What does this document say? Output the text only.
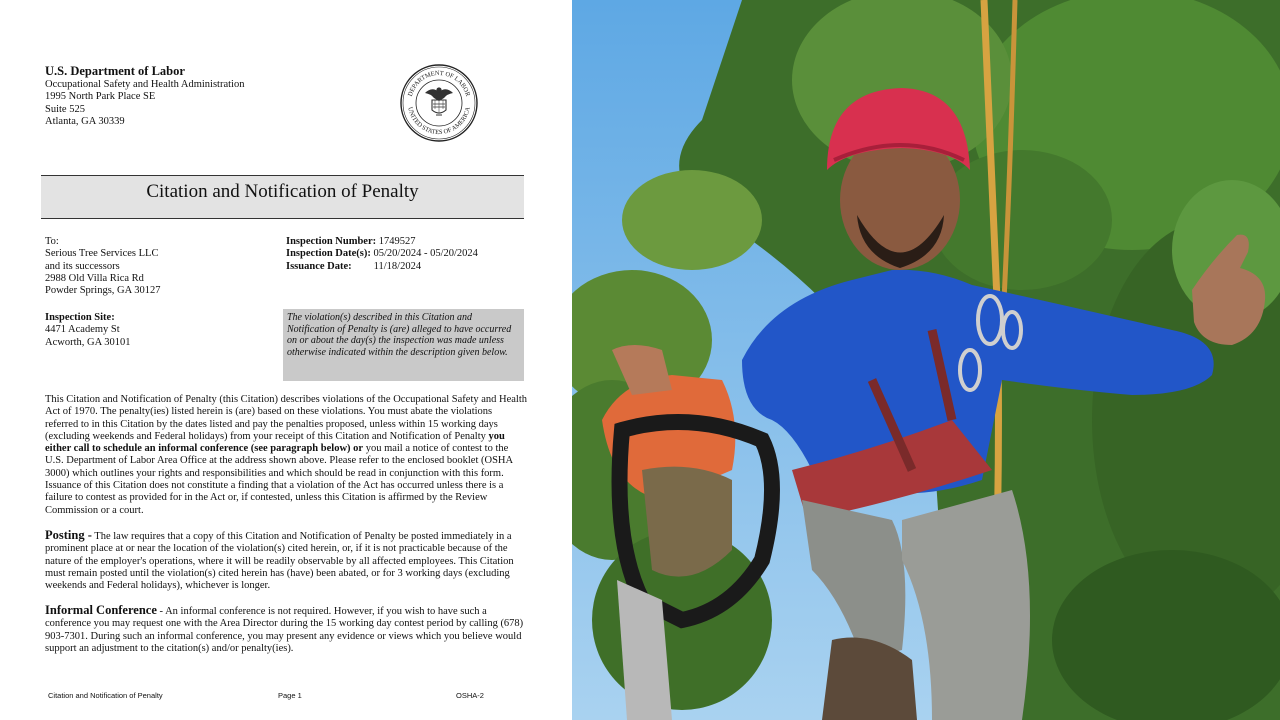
U.S. Department of Labor
Occupational Safety and Health Administration
1995 North Park Place SE
Suite 525
Atlanta, GA 30339
DEPARTMENT OF LABOR
UNITED STATES OF AMERICA
Citation and Notification of Penalty
To:
Serious Tree Services LLC
and its successors
2988 Old Villa Rica Rd
Powder Springs, GA 30127
Inspection Number: 1749527
Inspection Date(s): 05/20/2024 - 05/20/2024
Issuance Date: 11/18/2024
Inspection Site:
4471 Academy St
Acworth, GA 30101
The violation(s) described in this Citation and Notification of Penalty is (are) alleged to have occurred on or about the day(s) the inspection was made unless otherwise indicated within the description given below.
This Citation and Notification of Penalty (this Citation) describes violations of the Occupational Safety and Health Act of 1970. The penalty(ies) listed herein is (are) based on these violations. You must abate the violations referred to in this Citation by the dates listed and pay the penalties proposed, unless within 15 working days (excluding weekends and Federal holidays) from your receipt of this Citation and Notification of Penalty you either call to schedule an informal conference (see paragraph below) or you mail a notice of contest to the U.S. Department of Labor Area Office at the address shown above. Please refer to the enclosed booklet (OSHA 3000) which outlines your rights and responsibilities and which should be read in conjunction with this form. Issuance of this Citation does not constitute a finding that a violation of the Act has occurred unless there is a failure to contest as provided for in the Act or, if contested, unless this Citation is affirmed by the Review Commission or a court.
Posting - The law requires that a copy of this Citation and Notification of Penalty be posted immediately in a prominent place at or near the location of the violation(s) cited herein, or, if it is not practicable because of the nature of the employer's operations, where it will be readily observable by all affected employees. This Citation must remain posted until the violation(s) cited herein has (have) been abated, or for 3 working days (excluding weekends and Federal holidays), whichever is longer.
Informal Conference - An informal conference is not required. However, if you wish to have such a conference you may request one with the Area Director during the 15 working day contest period by calling (678) 903-7301. During such an informal conference, you may present any evidence or views which you believe would support an adjustment to the citation(s) and/or penalty(ies).
Citation and Notification of Penalty	Page 1	OSHA-2
